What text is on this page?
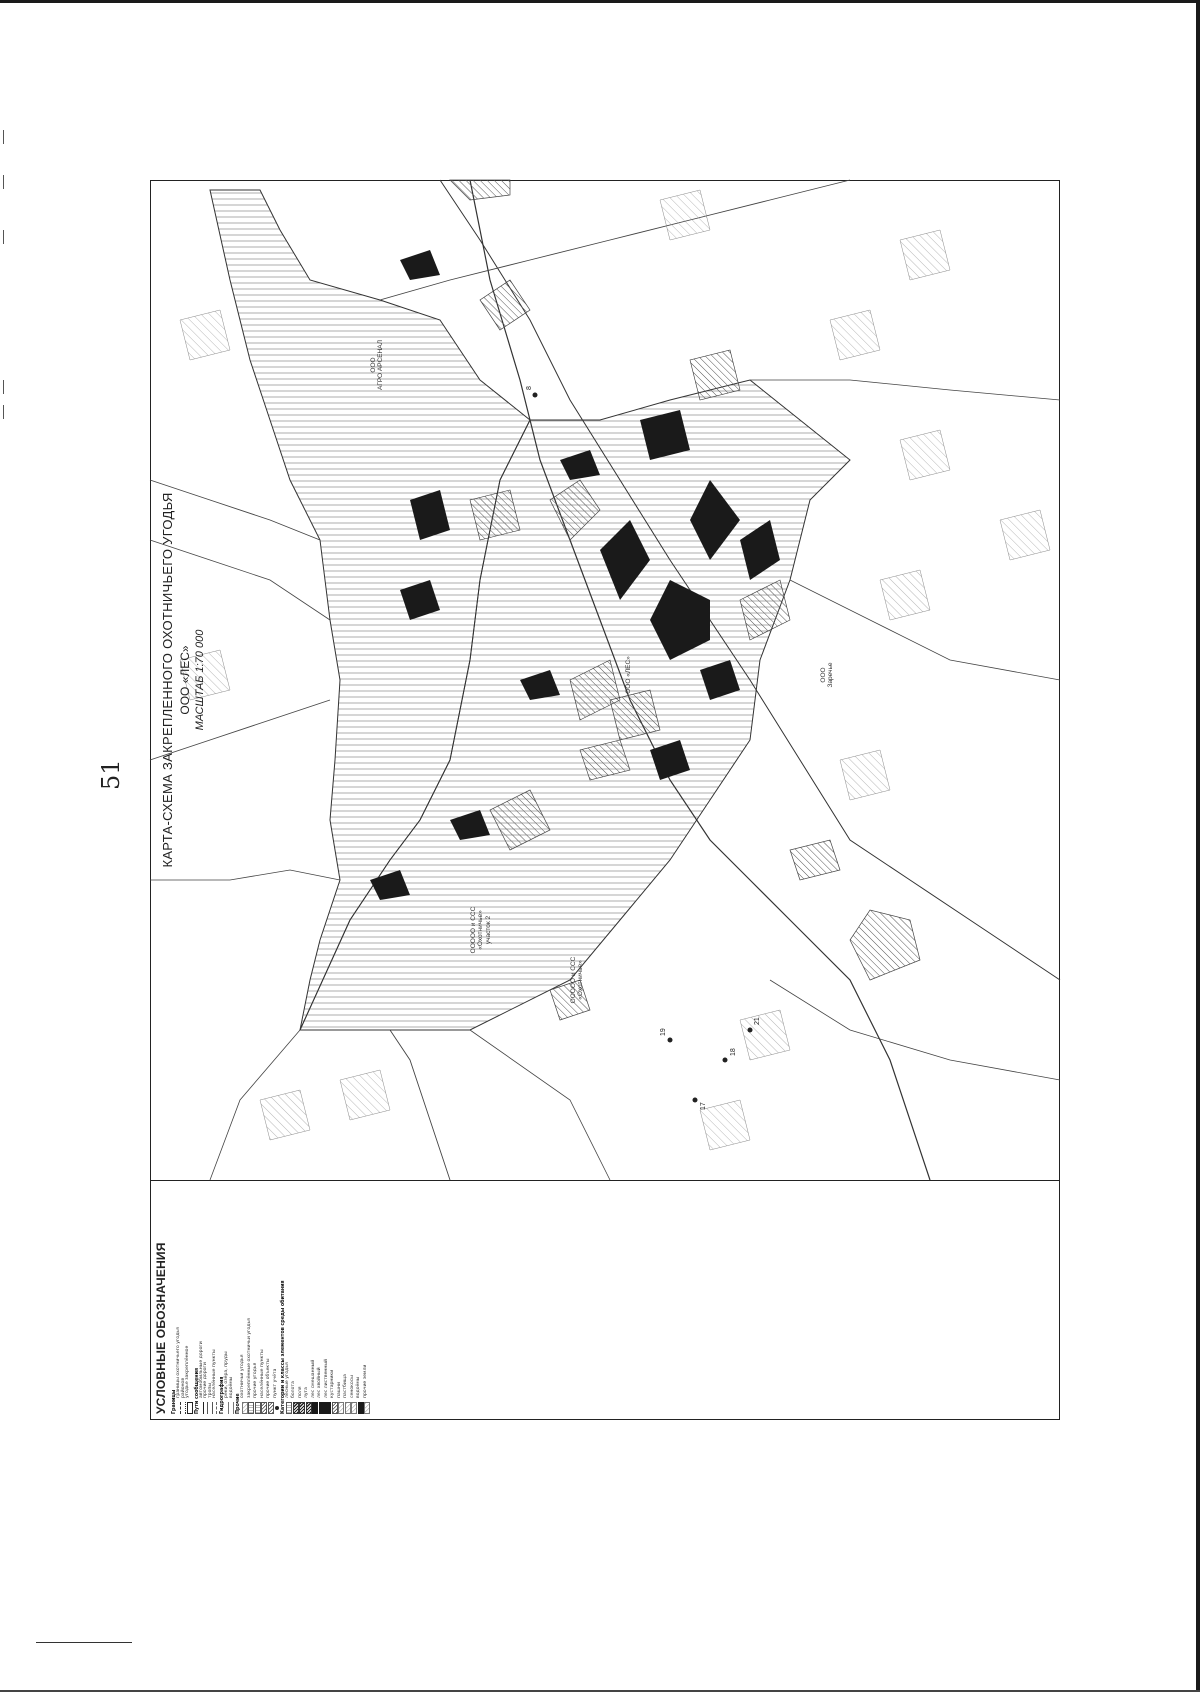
51
УСЛОВНЫЕ ОБОЗНАЧЕНИЯ Границы
границы охотничьего угодья районов угодье закреплённое Пути сообщения автомобильные дороги прочие дороги тропы населённые пункты Гидрография реки, озёра, пруды водоёмы
Прочие
охотничьи угодья закреплённые охотничьи угодья прочие угодья населённые пункты прочие объекты пункт учёта Категории и классы элементов среды обитания лесные угодья болота поля луга лес смешанный лес хвойный лес лиственный кустарники пашни пастбища сенокосы водоёмы прочие земли
КАРТА-СХЕМА ЗАКРЕПЛЕННОГО ОХОТНИЧЬЕГО УГОДЬЯ ООО «ЛЕС» МАСШТАБ 1:70 000	ООО «ЛЕС»
ООО
АГРО АРСЕНАЛ
ООО
Заречье
ООООО и ССС
«Охотничье»
ООООО и ССС
«Охотничье»
участок 2
8
17
18
19
21
